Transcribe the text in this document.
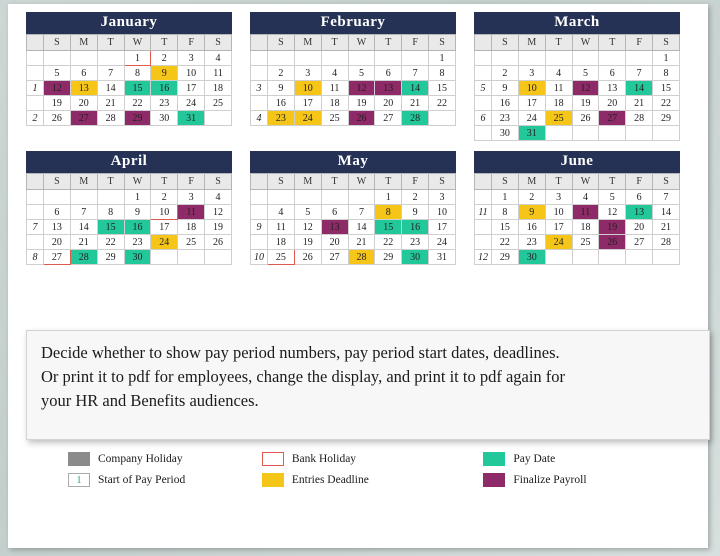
January
	S	M	T	W	T	F	S
				1	2	3	4
	5	6	7	8	9	10	11
1	12	13	14	15	16	17	18
	19	20	21	22	23	24	25
2	26	27	28	29	30	31	
February
	S	M	T	W	T	F	S
							1
	2	3	4	5	6	7	8
3	9	10	11	12	13	14	15
	16	17	18	19	20	21	22
4	23	24	25	26	27	28	
March
	S	M	T	W	T	F	S
							1
	2	3	4	5	6	7	8
5	9	10	11	12	13	14	15
	16	17	18	19	20	21	22
6	23	24	25	26	27	28	29
	30	31					
April
	S	M	T	W	T	F	S
				1	2	3	4
	6	7	8	9	10	11	12
7	13	14	15	16	17	18	19
	20	21	22	23	24	25	26
8	27	28	29	30			
May
	S	M	T	W	T	F	S
					1	2	3
	4	5	6	7	8	9	10
9	11	12	13	14	15	16	17
	18	19	20	21	22	23	24
10	25	26	27	28	29	30	31
June
	S	M	T	W	T	F	S
	1	2	3	4	5	6	7
11	8	9	10	11	12	13	14
	15	16	17	18	19	20	21
	22	23	24	25	26	27	28
12	29	30					

Decide whether to show pay period numbers, pay period start dates, deadlines.

Or print it to pdf for employees, change the display, and print it to pdf again for

your HR and Benefits audiences.

Company Holiday	Bank Holiday	Pay Date
1	Start of Pay Period	Entries Deadline	Finalize Payroll
